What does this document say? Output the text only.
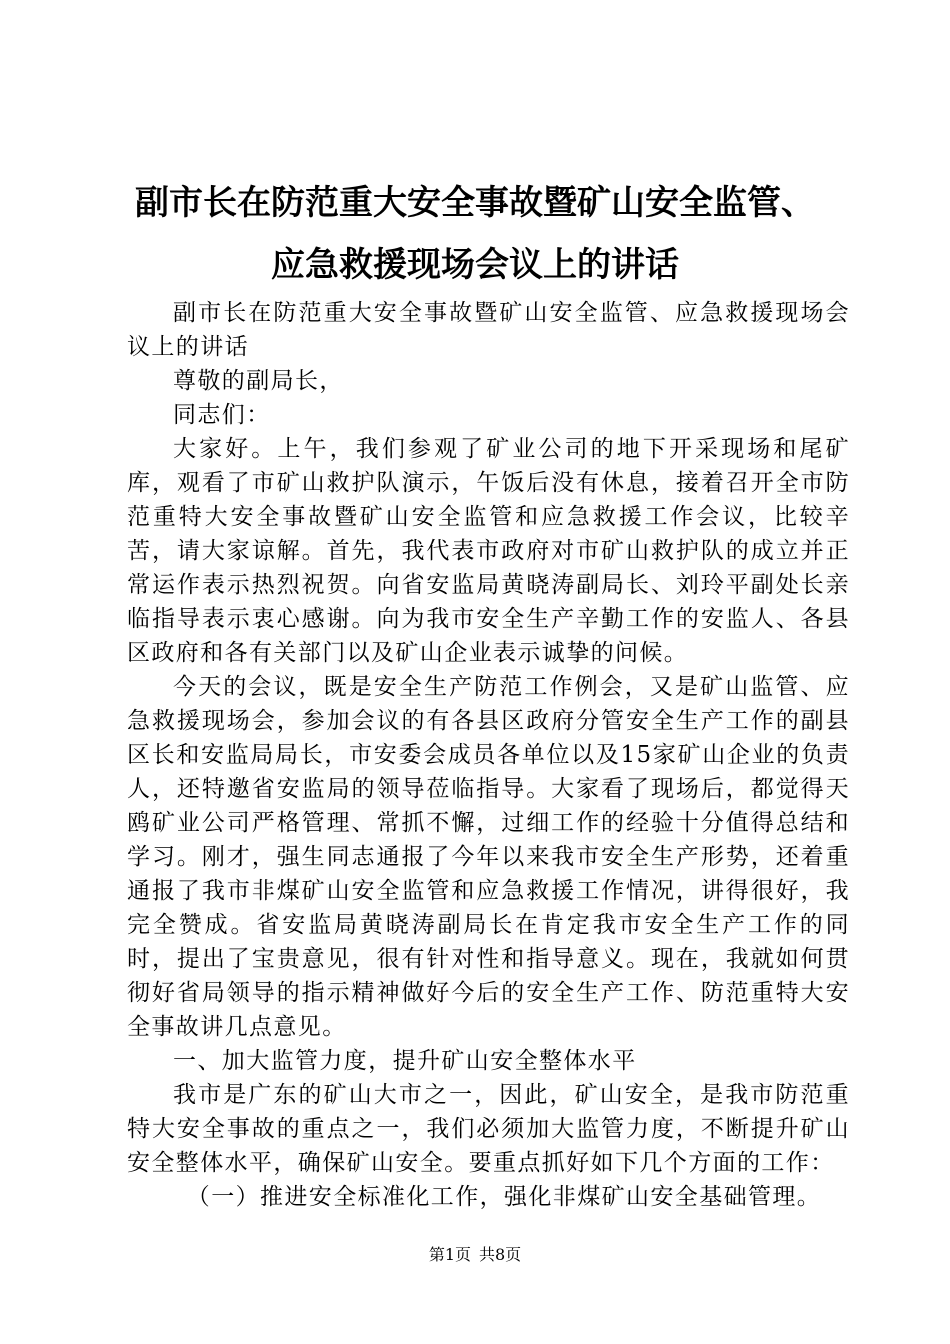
副市长在防范重大安全事故暨矿山安全监管、
应急救援现场会议上的讲话

副市长在防范重大安全事故暨矿山安全监管、应急救援现场会议上的讲话

尊敬的副局长，

同志们：

大家好。上午，我们参观了矿业公司的地下开采现场和尾矿库，观看了市矿山救护队演示，午饭后没有休息，接着召开全市防范重特大安全事故暨矿山安全监管和应急救援工作会议，比较辛苦，请大家谅解。首先，我代表市政府对市矿山救护队的成立并正常运作表示热烈祝贺。向省安监局黄晓涛副局长、刘玲平副处长亲临指导表示衷心感谢。向为我市安全生产辛勤工作的安监人、各县区政府和各有关部门以及矿山企业表示诚挚的问候。

今天的会议，既是安全生产防范工作例会，又是矿山监管、应急救援现场会，参加会议的有各县区政府分管安全生产工作的副县区长和安监局局长，市安委会成员各单位以及15家矿山企业的负责人，还特邀省安监局的领导莅临指导。大家看了现场后，都觉得天鸥矿业公司严格管理、常抓不懈，过细工作的经验十分值得总结和学习。刚才，强生同志通报了今年以来我市安全生产形势，还着重通报了我市非煤矿山安全监管和应急救援工作情况，讲得很好，我完全赞成。省安监局黄晓涛副局长在肯定我市安全生产工作的同时，提出了宝贵意见，很有针对性和指导意义。现在，我就如何贯彻好省局领导的指示精神做好今后的安全生产工作、防范重特大安全事故讲几点意见。

一、加大监管力度，提升矿山安全整体水平

我市是广东的矿山大市之一，因此，矿山安全，是我市防范重特大安全事故的重点之一，我们必须加大监管力度，不断提升矿山安全整体水平，确保矿山安全。要重点抓好如下几个方面的工作：

（一）推进安全标准化工作，强化非煤矿山安全基础管理。

第1页 共8页
